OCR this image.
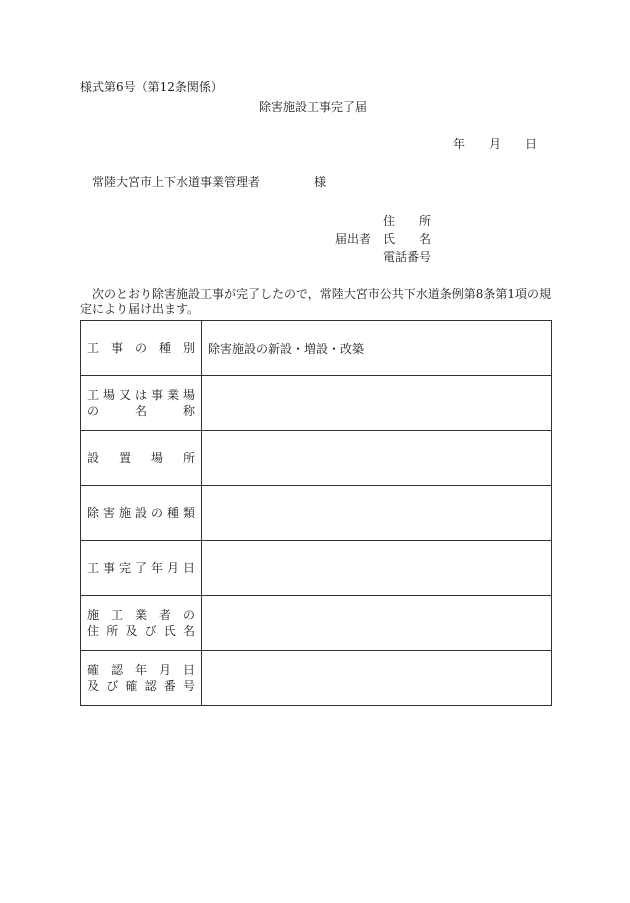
様式第6号（第12条関係）
除害施設工事完了届
年 月 日
常陸大宮市上下水道事業管理者	様
住　所
届出者 氏　名
電話番号
次のとおり除害施設工事が完了したので，常陸大宮市公共下水道条例第8条第1項の規定により届け出ます。
工事の種別	除害施設の新設・増設・改築

工場又は事業場
の名称	

設置場所	

除害施設の種類	

工事完了年月日	

施工業者の
住所及び氏名	

確認年月日
及び確認番号	
